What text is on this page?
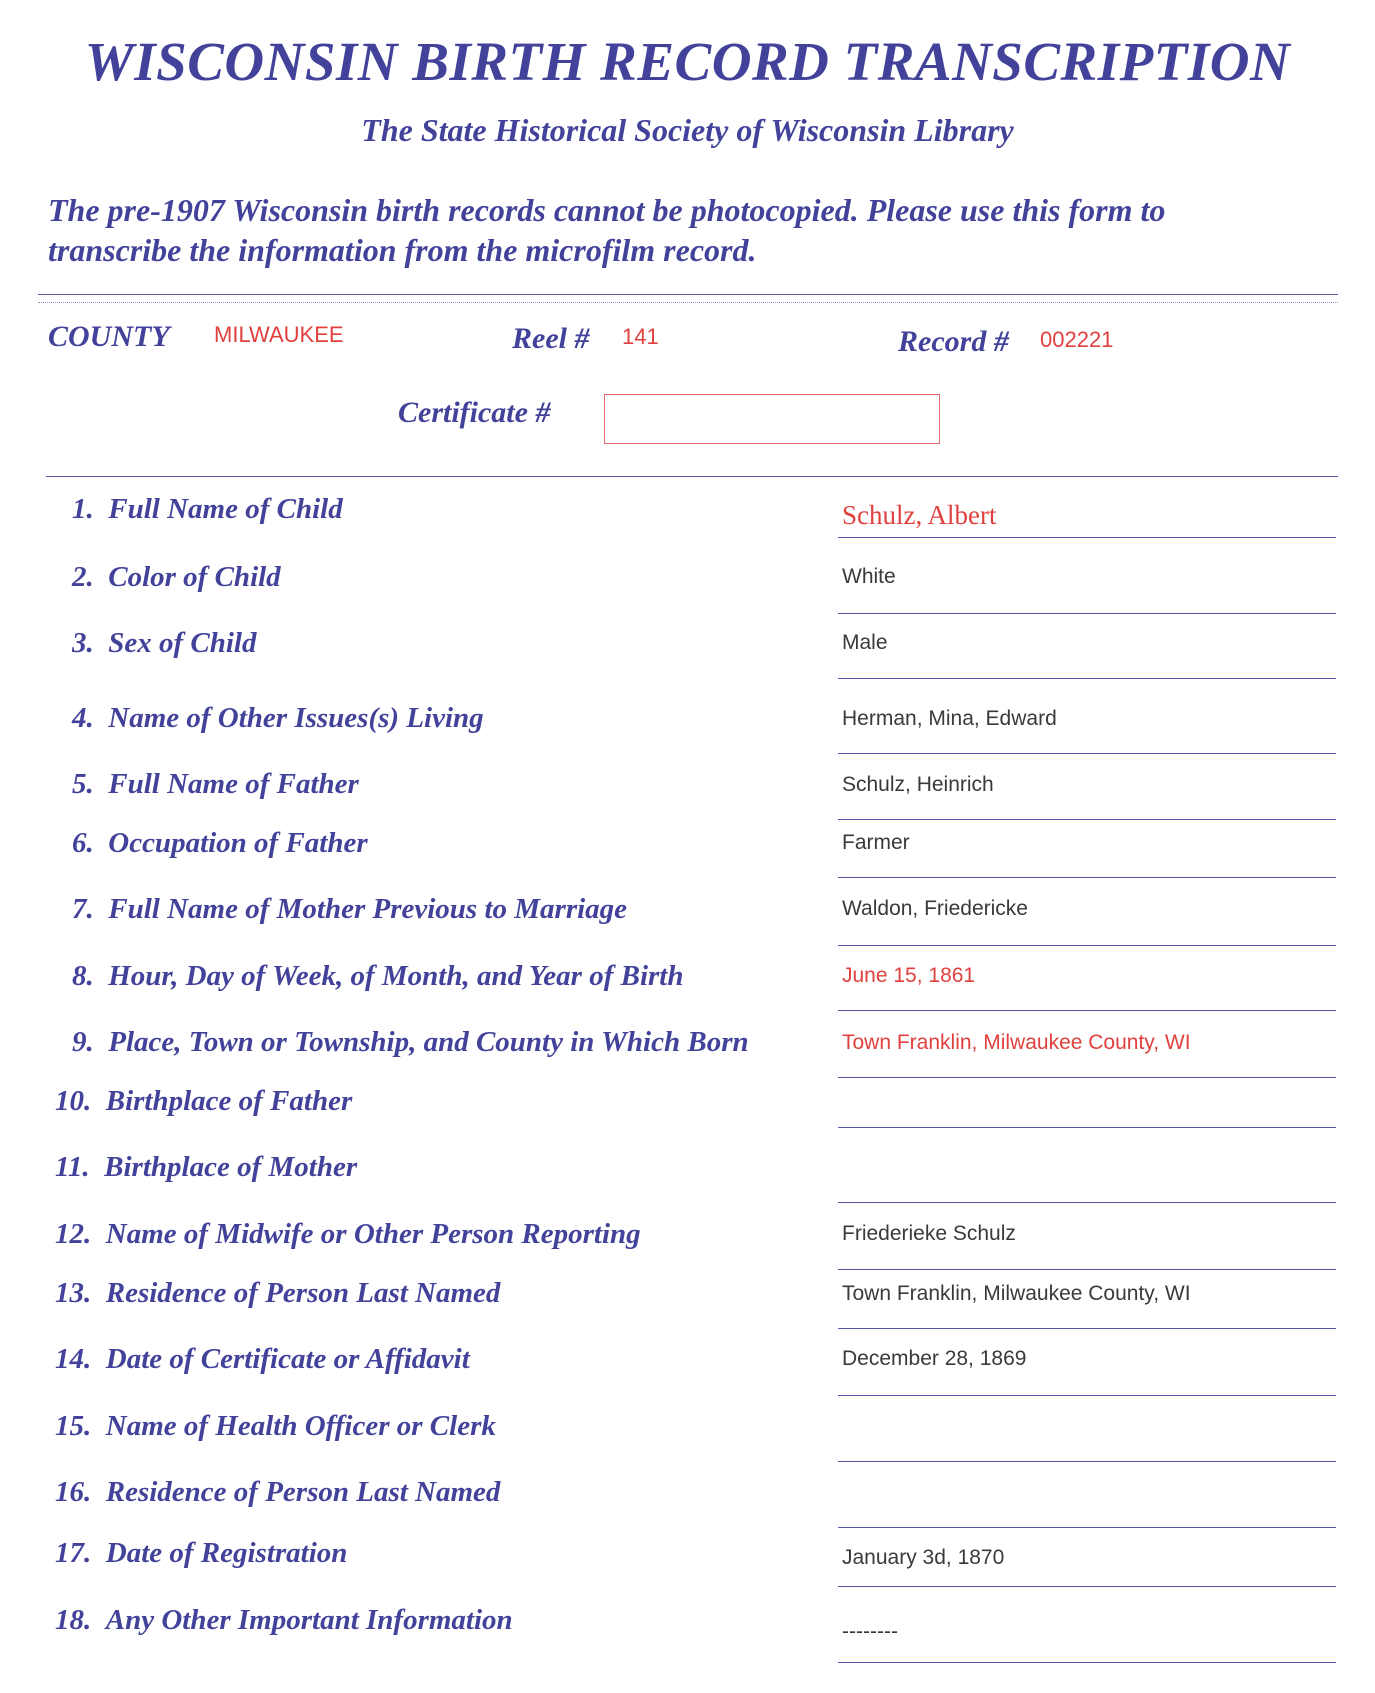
WISCONSIN BIRTH RECORD TRANSCRIPTION
The State Historical Society of Wisconsin Library
The pre-1907 Wisconsin birth records cannot be photocopied. Please use this form to
transcribe the information from the microfilm record.
COUNTY MILWAUKEE	Reel # 141	Record # 002221
Certificate #
1. Full Name of Child	Schulz, Albert
2. Color of Child	White
3. Sex of Child	Male
4. Name of Other Issues(s) Living	Herman, Mina, Edward
5. Full Name of Father	Schulz, Heinrich
6. Occupation of Father	Farmer
7. Full Name of Mother Previous to Marriage	Waldon, Friedericke
8. Hour, Day of Week, of Month, and Year of Birth	June 15, 1861
9. Place, Town or Township, and County in Which Born	Town Franklin, Milwaukee County, WI
10. Birthplace of Father
11. Birthplace of Mother
12. Name of Midwife or Other Person Reporting	Friederieke Schulz
13. Residence of Person Last Named	Town Franklin, Milwaukee County, WI
14. Date of Certificate or Affidavit	December 28, 1869
15. Name of Health Officer or Clerk
16. Residence of Person Last Named
17. Date of Registration	January 3d, 1870
18. Any Other Important Information	--------
